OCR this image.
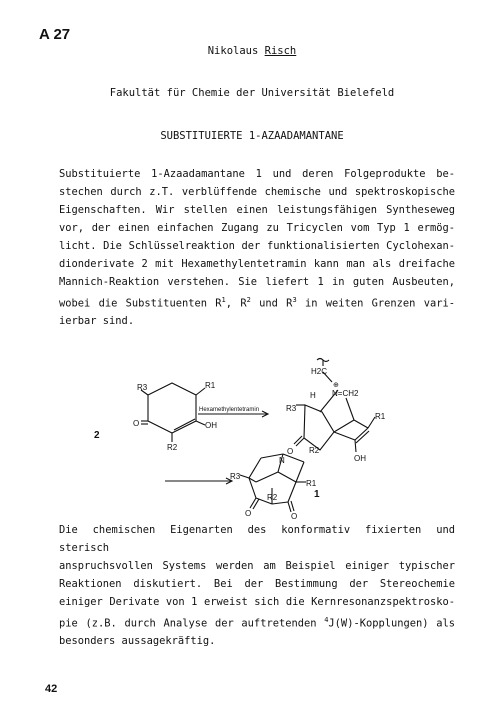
A 27
Nikolaus Risch
Fakultät für Chemie der Universität Bielefeld
SUBSTITUIERTE 1-AZAADAMANTANE
Substituierte 1-Azaadamantane 1 und deren Folgeprodukte be-
stechen durch z.T. verblüffende chemische und spektroskopische
Eigenschaften. Wir stellen einen leistungsfähigen Syntheseweg
vor, der einen einfachen Zugang zu Tricyclen vom Typ 1 ermög-
licht. Die Schlüsselreaktion der funktionalisierten Cyclohexan-
dionderivate 2 mit Hexamethylentetramin kann man als dreifache
Mannich-Reaktion verstehen. Sie liefert 1 in guten Ausbeuten,
wobei die Substituenten $R^1$, $R^2$ und $R^3$ in weiten Grenzen vari-
ierbar sind.
R3	R1
O	OH
R2
2
Hexamethylentetramin
H2C
⊕
N=CH2
H
R3
R1
O R2
OH
N
R3
R1
O	O
R2	1
Die chemischen Eigenarten des konformativ fixierten und sterisch
anspruchsvollen Systems werden am Beispiel einiger typischer
Reaktionen diskutiert. Bei der Bestimmung der Stereochemie
einiger Derivate von 1 erweist sich die Kernresonanzspektrosko-
pie (z.B. durch Analyse der auftretenden $^4$J(W)-Kopplungen) als
besonders aussagekräftig.
42
